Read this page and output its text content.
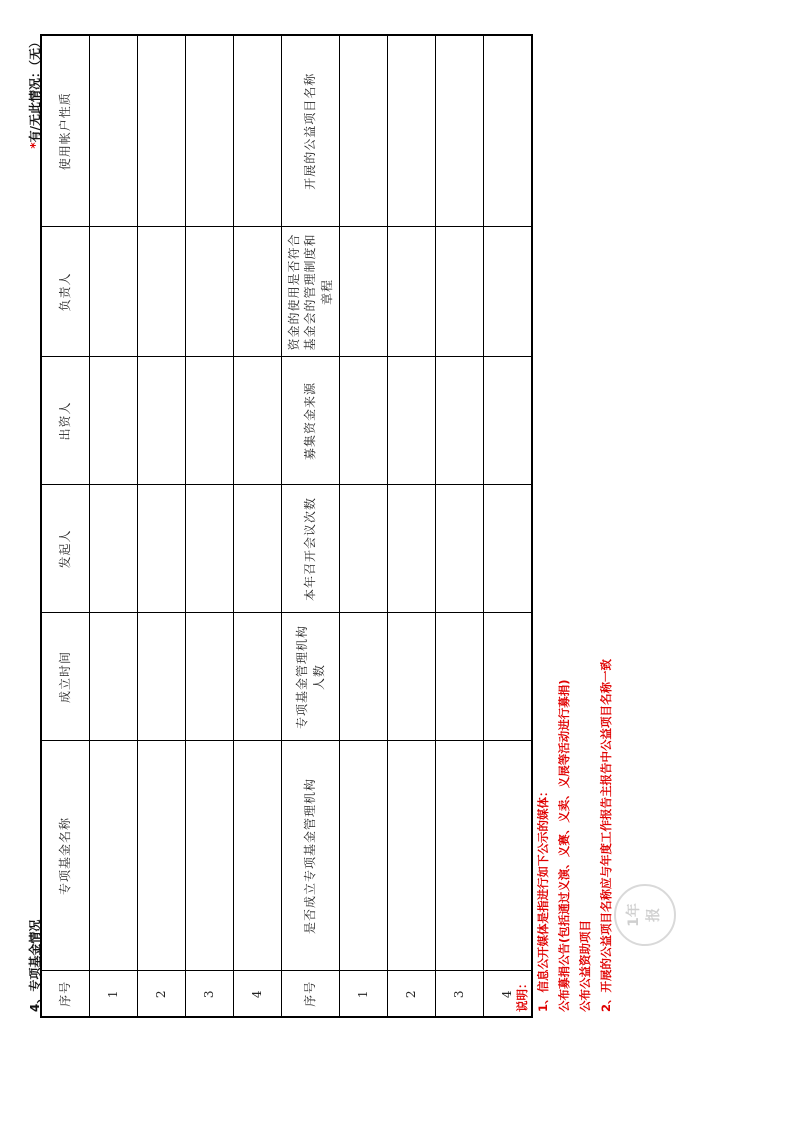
4、专项基金情况
*有/无此情况：（无）
序号	专项基金名称	成立时间	发起人	出资人	负责人	使用帐户性质
1						
2						
3						
4						
序号	是否成立专项基金管理机构	专项基金管理机构人数	本年召开会议次数	募集资金来源	资金的使用是否符合基金会的管理制度和章程	开展的公益项目名称
1						
2						
3						
4						说明： 1、信息公开媒体是指进行如下公示的媒体： 公布募捐公告(包括通过义演、义赛、义卖、义展等活动进行募捐) 公布公益资助项目 2、开展的公益项目名称应与年度工作报告主报告中公益项目名称一致 1年 报
